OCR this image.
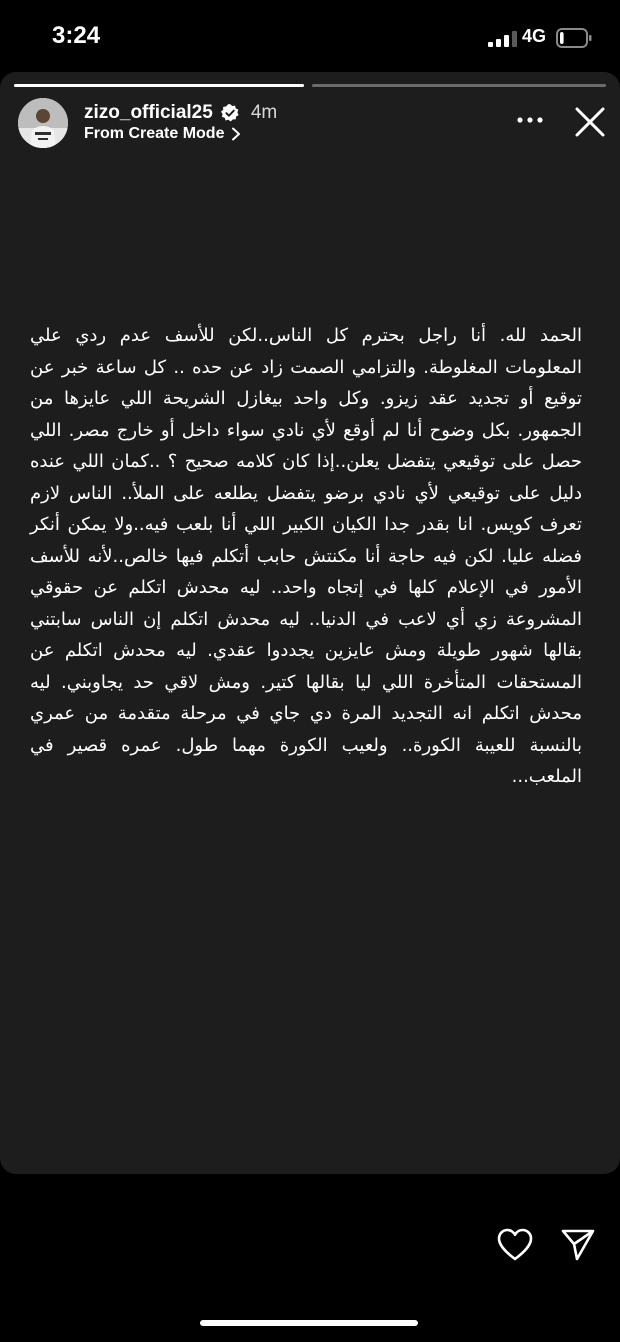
3:24	4G
zizo_official25 4m
From Create Mode

الحمد لله. أنا راجل بحترم كل الناس..لكن للأسف عدم ردي علي المعلومات المغلوطة. والتزامي الصمت زاد عن حده .. كل ساعة خبر عن توقيع أو تجديد عقد زيزو. وكل واحد بيغازل الشريحة اللي عايزها من الجمهور. بكل وضوح أنا لم أوقع لأي نادي سواء داخل أو خارج مصر. اللي حصل على توقيعي يتفضل يعلن..إذا كان كلامه صحيح ؟ ..كمان اللي عنده دليل على توقيعي لأي نادي برضو يتفضل يطلعه على الملأ.. الناس لازم تعرف كويس. انا بقدر جدا الكيان الكبير اللي أنا بلعب فيه..ولا يمكن أنكر فضله عليا. لكن فيه حاجة أنا مكنتش حابب أتكلم فيها خالص..لأنه للأسف الأمور في الإعلام كلها في إتجاه واحد.. ليه محدش اتكلم عن حقوقي المشروعة زي أي لاعب في الدنيا.. ليه محدش اتكلم إن الناس سابتني بقالها شهور طويلة ومش عايزين يجددوا عقدي. ليه محدش اتكلم عن المستحقات المتأخرة اللي ليا بقالها كتير. ومش لاقي حد يجاوبني. ليه محدش اتكلم انه التجديد المرة دي جاي في مرحلة متقدمة من عمري بالنسبة للعيبة الكورة.. ولعيب الكورة مهما طول. عمره قصير في الملعب...
